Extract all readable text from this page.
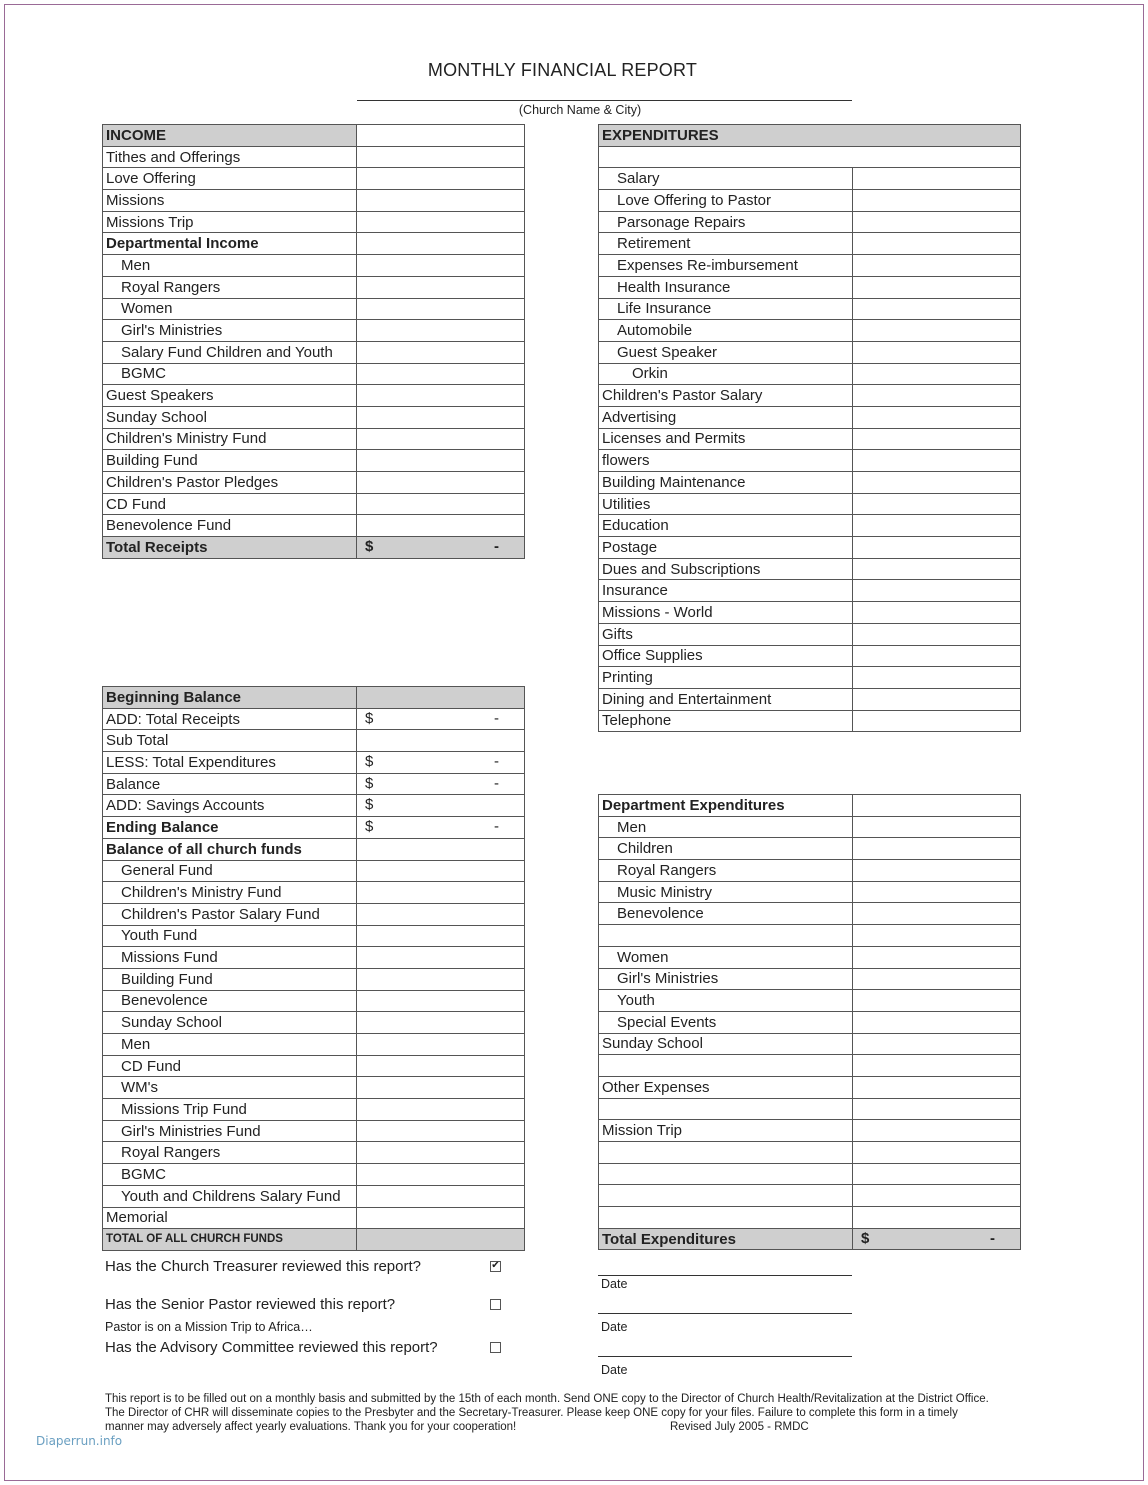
MONTHLY FINANCIAL REPORT
(Church Name & City)
INCOME	
Tithes and Offerings	
Love Offering	
Missions	
Missions Trip	
Departmental Income	
Men	
Royal Rangers	
Women	
Girl's Ministries	
Salary Fund Children and Youth	
BGMC	
Guest Speakers	
Sunday School	
Children's Ministry Fund	
Building Fund	
Children's Pastor Pledges	
CD Fund	
Benevolence Fund	
Total Receipts	$ -
Beginning Balance	
ADD: Total Receipts	$ -

Sub Total	
LESS: Total Expenditures	$ -

Balance	$ -

ADD: Savings Accounts	$

Ending Balance	$ -

Balance of all church funds	
General Fund	
Children's Ministry Fund	
Children's Pastor Salary Fund	
Youth Fund	
Missions Fund	
Building Fund	
Benevolence	
Sunday School	
Men	
CD Fund	
WM's	
Missions Trip Fund	
Girl's Ministries Fund	
Royal Rangers	
BGMC	
Youth and Childrens Salary Fund	
Memorial	
TOTAL OF ALL CHURCH FUNDS	
EXPENDITURES	

Salary	
Love Offering to Pastor	
Parsonage Repairs	
Retirement	
Expenses Re-imbursement	
Health Insurance	
Life Insurance	
Automobile	
Guest Speaker	
Orkin	
Children's Pastor Salary	
Advertising	
Licenses and Permits	
flowers	
Building Maintenance	
Utilities	
Education	
Postage	
Dues and Subscriptions	
Insurance	
Missions - World	
Gifts	
Office Supplies	
Printing	
Dining and Entertainment	
Telephone	
Department Expenditures	
Men	
Children	
Royal Rangers	
Music Ministry	
Benevolence	

Women	
Girl's Ministries	
Youth	
Special Events	
Sunday School	

Other Expenses	

Mission Trip	

Total Expenditures	$ -
Has the Church Treasurer reviewed this report?	✔
Date
Has the Senior Pastor reviewed this report?
Pastor is on a Mission Trip to Africa…	Date
Has the Advisory Committee reviewed this report?
Date
This report is to be filled out on a monthly basis and submitted by the 15th of each month. Send ONE copy to the Director of Church Health/Revitalization at the District Office.
The Director of CHR will disseminate copies to the Presbyter and the Secretary-Treasurer. Please keep ONE copy for your files. Failure to complete this form in a timely
manner may adversely affect yearly evaluations. Thank you for your cooperation!	Revised July 2005 - RMDC
Diaperrun.info
